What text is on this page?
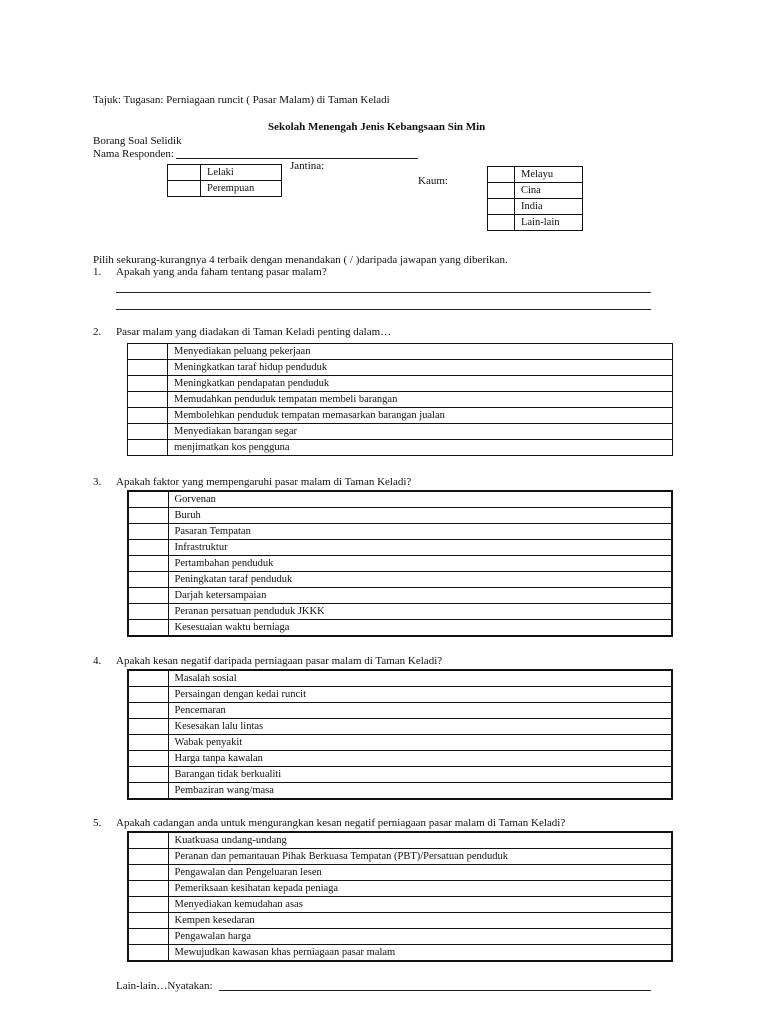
Tajuk: Tugasan: Perniagaan runcit ( Pasar Malam) di Taman Keladi
Sekolah Menengah Jenis Kebangsaan Sin Min
Borang Soal Selidik
Nama Responden:
Jantina:
	Lelaki
	Perempuan
Kaum:
	Melayu
	Cina
	India
	Lain-lain
Pilih sekurang-kurangnya 4 terbaik dengan menandakan ( / )daripada jawapan yang diberikan.
1. Apakah yang anda faham tentang pasar malam?
2. Pasar malam yang diadakan di Taman Keladi penting dalam…
	Menyediakan peluang pekerjaan
	Meningkatkan taraf hidup penduduk
	Meningkatkan pendapatan penduduk
	Memudahkan penduduk tempatan membeli barangan
	Membolehkan penduduk tempatan memasarkan barangan jualan
	Menyediakan barangan segar
	menjimatkan kos pengguna
3. Apakah faktor yang mempengaruhi pasar malam di Taman Keladi?
	Gorvenan
	Buruh
	Pasaran Tempatan
	Infrastruktur
	Pertambahan penduduk
	Peningkatan taraf penduduk
	Darjah ketersampaian
	Peranan persatuan penduduk JKKK
	Kesesuaian waktu berniaga
4. Apakah kesan negatif daripada perniagaan pasar malam di Taman Keladi?
	Masalah sosial
	Persaingan dengan kedai runcit
	Pencemaran
	Kesesakan lalu lintas
	Wabak penyakit
	Harga tanpa kawalan
	Barangan tidak berkualiti
	Pembaziran wang/masa
5. Apakah cadangan anda untuk mengurangkan kesan negatif perniagaan pasar malam di Taman Keladi?
	Kuatkuasa undang-undang
	Peranan dan pemantauan Pihak Berkuasa Tempatan (PBT)/Persatuan penduduk
	Pengawalan dan Pengeluaran lesen
	Pemeriksaan kesihatan kepada peniaga
	Menyediakan kemudahan asas
	Kempen kesedaran
	Pengawalan harga
	Mewujudkan kawasan khas perniagaan pasar malam
Lain-lain…Nyatakan:
